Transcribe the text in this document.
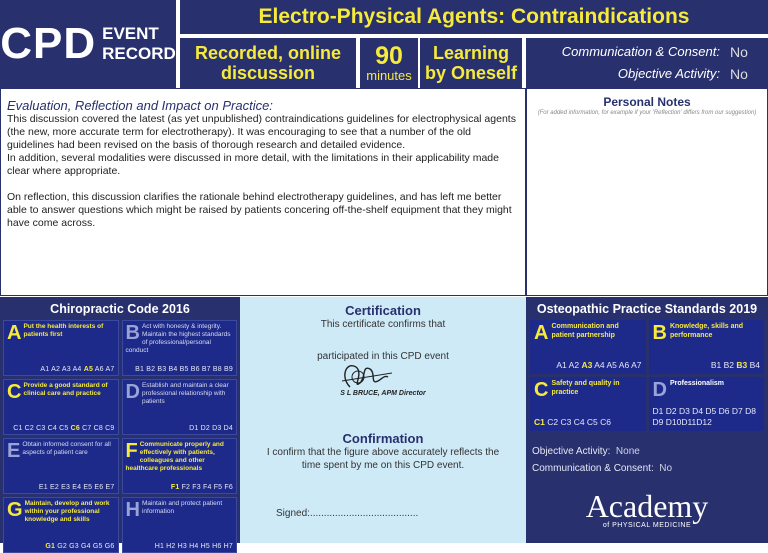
CPD EVENT
RECORD
Electro-Physical Agents: Contraindications
Recorded, online
discussion
90
minutes
Learning
by Oneself
Communication & Consent: No
Objective Activity: No
Evaluation, Reflection and Impact on Practice:

This discussion covered the latest (as yet unpublished) contraindications guidelines for electrophysical agents (the new, more accurate term for electrotherapy). It was encouraging to see that a number of the old guidelines had been revised on the basis of thorough research and detailed evidence.

In addition, several modalities were discussed in more detail, with the limitations in their applicability made clear where appropriate.

On reflection, this discussion clarifies the rationale behind electrotherapy guidelines, and has left me better able to answer questions which might be raised by patients concering off-the-shelf equipment that they might have come across.

Personal Notes
(For added information, for example if your 'Reflection' differs from our suggestion)
Chiropractic Code 2016
A Put the health interests of patients first
A1 A2 A3 A4 A5 A6 A7
B Act with honesty & integrity. Maintain the highest standards of professional/personal conduct
B1 B2 B3 B4 B5 B6 B7 B8 B9
C Provide a good standard of clinical care and practice
C1 C2 C3 C4 C5 C6 C7 C8 C9
D Establish and maintain a clear professional relationship with patients
D1 D2 D3 D4
E Obtain informed consent for all aspects of patient care
E1 E2 E3 E4 E5 E6 E7
F Communicate properly and effectively with patients, colleagues and other healthcare professionals
F1 F2 F3 F4 F5 F6
G Maintain, develop and work within your professional knowledge and skills
G1 G2 G3 G4 G5 G6
H Maintain and protect patient information
H1 H2 H3 H4 H5 H6 H7
Certification
This certificate confirms that
participated in this CPD event
S L BRUCE, APM Director
Confirmation
I confirm that the figure above accurately reflects the time spent by me on this CPD event.
Signed:.......................................
Osteopathic Practice Standards 2019
A Communication and patient partnership
A1 A2 A3 A4 A5 A6 A7
B Knowledge, skills and performance
B1 B2 B3 B4
C Safety and quality in practice
C1 C2 C3 C4 C5 C6
D Professionalism
D1 D2 D3 D4 D5 D6 D7 D8 D9 D10D11D12
Objective Activity: None
Communication & Consent: No
Academy
of PHYSICAL MEDICINE
